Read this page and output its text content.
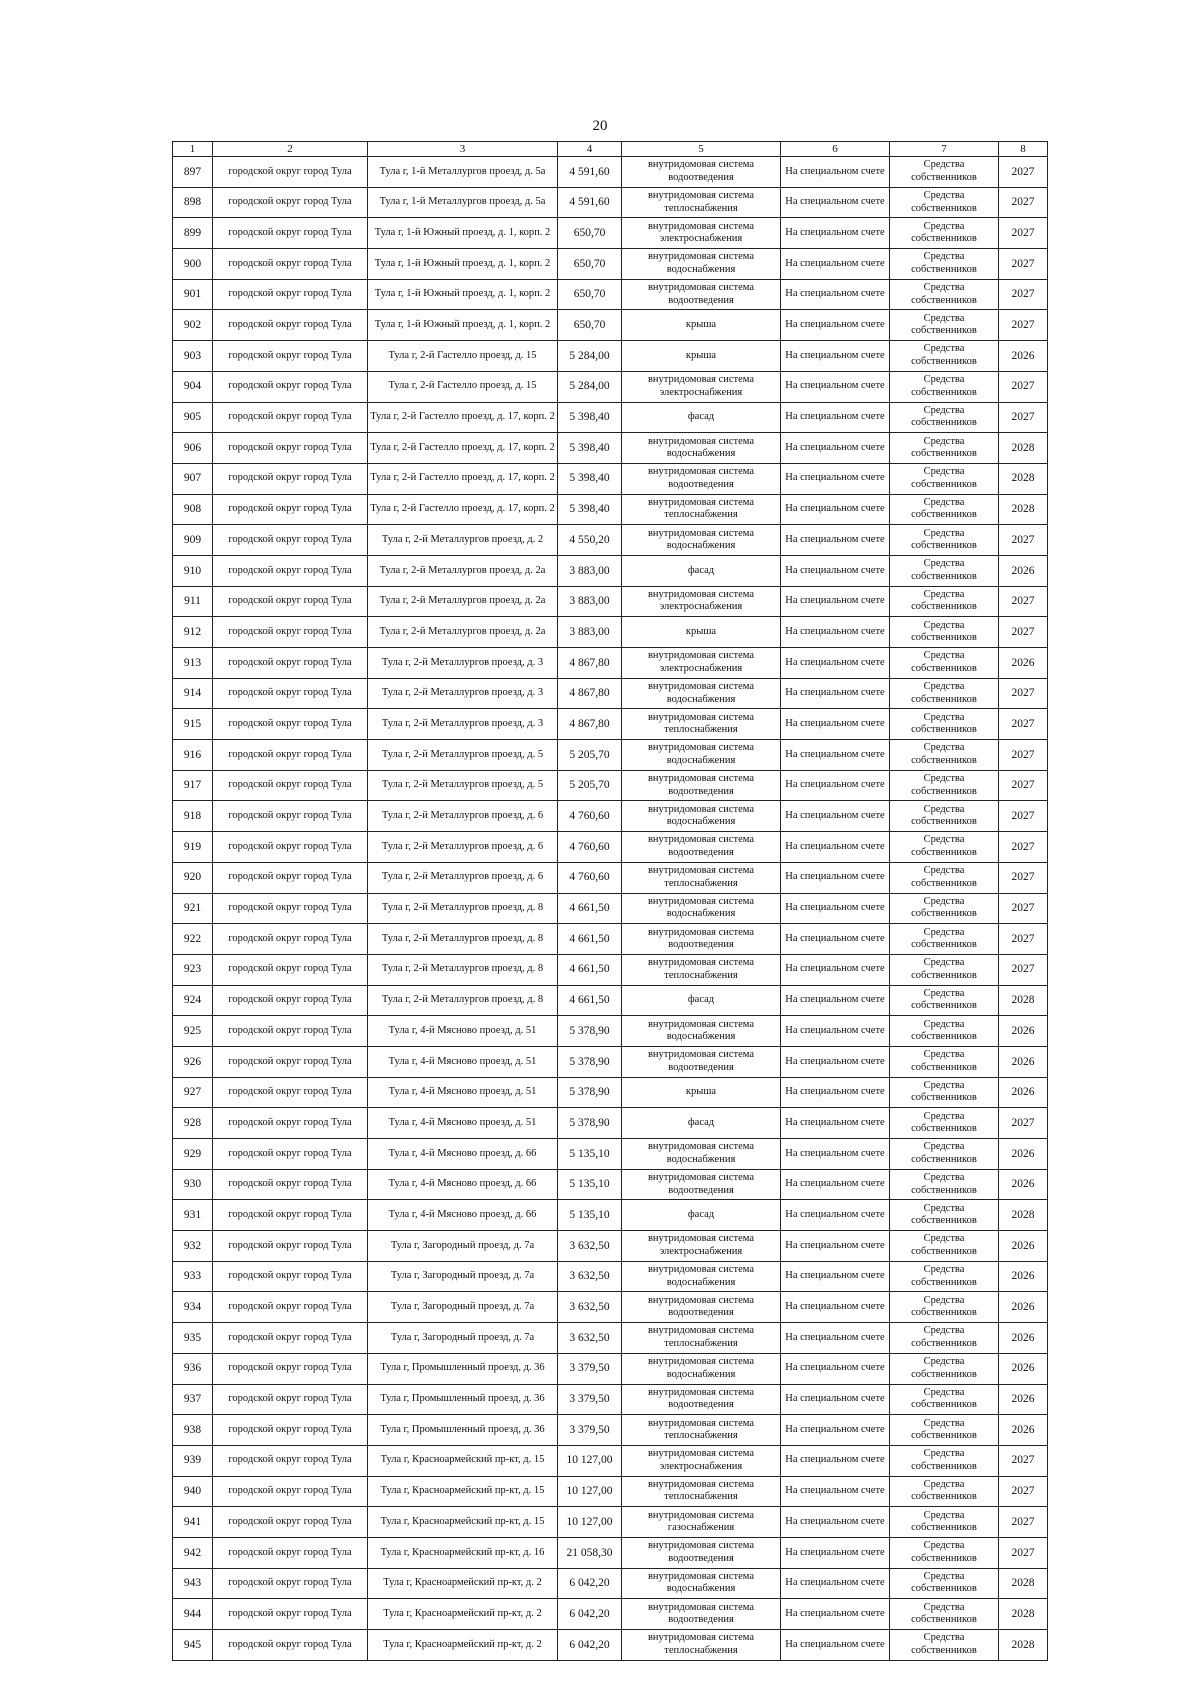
20
1	2	3	4	5	6	7	8
897	городской округ город Тула	Тула г, 1-й Металлургов проезд, д. 5а	4 591,60	внутридомовая система водоотведения	На специальном счете	Средства собственников	2027
898	городской округ город Тула	Тула г, 1-й Металлургов проезд, д. 5а	4 591,60	внутридомовая система теплоснабжения	На специальном счете	Средства собственников	2027
899	городской округ город Тула	Тула г, 1-й Южный проезд, д. 1, корп. 2	650,70	внутридомовая система электроснабжения	На специальном счете	Средства собственников	2027
900	городской округ город Тула	Тула г, 1-й Южный проезд, д. 1, корп. 2	650,70	внутридомовая система водоснабжения	На специальном счете	Средства собственников	2027
901	городской округ город Тула	Тула г, 1-й Южный проезд, д. 1, корп. 2	650,70	внутридомовая система водоотведения	На специальном счете	Средства собственников	2027
902	городской округ город Тула	Тула г, 1-й Южный проезд, д. 1, корп. 2	650,70	крыша	На специальном счете	Средства собственников	2027
903	городской округ город Тула	Тула г, 2-й Гастелло проезд, д. 15	5 284,00	крыша	На специальном счете	Средства собственников	2026
904	городской округ город Тула	Тула г, 2-й Гастелло проезд, д. 15	5 284,00	внутридомовая система электроснабжения	На специальном счете	Средства собственников	2027
905	городской округ город Тула	Тула г, 2-й Гастелло проезд, д. 17, корп. 2	5 398,40	фасад	На специальном счете	Средства собственников	2027
906	городской округ город Тула	Тула г, 2-й Гастелло проезд, д. 17, корп. 2	5 398,40	внутридомовая система водоснабжения	На специальном счете	Средства собственников	2028
907	городской округ город Тула	Тула г, 2-й Гастелло проезд, д. 17, корп. 2	5 398,40	внутридомовая система водоотведения	На специальном счете	Средства собственников	2028
908	городской округ город Тула	Тула г, 2-й Гастелло проезд, д. 17, корп. 2	5 398,40	внутридомовая система теплоснабжения	На специальном счете	Средства собственников	2028
909	городской округ город Тула	Тула г, 2-й Металлургов проезд, д. 2	4 550,20	внутридомовая система водоснабжения	На специальном счете	Средства собственников	2027
910	городской округ город Тула	Тула г, 2-й Металлургов проезд, д. 2а	3 883,00	фасад	На специальном счете	Средства собственников	2026
911	городской округ город Тула	Тула г, 2-й Металлургов проезд, д. 2а	3 883,00	внутридомовая система электроснабжения	На специальном счете	Средства собственников	2027
912	городской округ город Тула	Тула г, 2-й Металлургов проезд, д. 2а	3 883,00	крыша	На специальном счете	Средства собственников	2027
913	городской округ город Тула	Тула г, 2-й Металлургов проезд, д. 3	4 867,80	внутридомовая система электроснабжения	На специальном счете	Средства собственников	2026
914	городской округ город Тула	Тула г, 2-й Металлургов проезд, д. 3	4 867,80	внутридомовая система водоснабжения	На специальном счете	Средства собственников	2027
915	городской округ город Тула	Тула г, 2-й Металлургов проезд, д. 3	4 867,80	внутридомовая система теплоснабжения	На специальном счете	Средства собственников	2027
916	городской округ город Тула	Тула г, 2-й Металлургов проезд, д. 5	5 205,70	внутридомовая система водоснабжения	На специальном счете	Средства собственников	2027
917	городской округ город Тула	Тула г, 2-й Металлургов проезд, д. 5	5 205,70	внутридомовая система водоотведения	На специальном счете	Средства собственников	2027
918	городской округ город Тула	Тула г, 2-й Металлургов проезд, д. 6	4 760,60	внутридомовая система водоснабжения	На специальном счете	Средства собственников	2027
919	городской округ город Тула	Тула г, 2-й Металлургов проезд, д. 6	4 760,60	внутридомовая система водоотведения	На специальном счете	Средства собственников	2027
920	городской округ город Тула	Тула г, 2-й Металлургов проезд, д. 6	4 760,60	внутридомовая система теплоснабжения	На специальном счете	Средства собственников	2027
921	городской округ город Тула	Тула г, 2-й Металлургов проезд, д. 8	4 661,50	внутридомовая система водоснабжения	На специальном счете	Средства собственников	2027
922	городской округ город Тула	Тула г, 2-й Металлургов проезд, д. 8	4 661,50	внутридомовая система водоотведения	На специальном счете	Средства собственников	2027
923	городской округ город Тула	Тула г, 2-й Металлургов проезд, д. 8	4 661,50	внутридомовая система теплоснабжения	На специальном счете	Средства собственников	2027
924	городской округ город Тула	Тула г, 2-й Металлургов проезд, д. 8	4 661,50	фасад	На специальном счете	Средства собственников	2028
925	городской округ город Тула	Тула г, 4-й Мясново проезд, д. 51	5 378,90	внутридомовая система водоснабжения	На специальном счете	Средства собственников	2026
926	городской округ город Тула	Тула г, 4-й Мясново проезд, д. 51	5 378,90	внутридомовая система водоотведения	На специальном счете	Средства собственников	2026
927	городской округ город Тула	Тула г, 4-й Мясново проезд, д. 51	5 378,90	крыша	На специальном счете	Средства собственников	2026
928	городской округ город Тула	Тула г, 4-й Мясново проезд, д. 51	5 378,90	фасад	На специальном счете	Средства собственников	2027
929	городской округ город Тула	Тула г, 4-й Мясново проезд, д. 66	5 135,10	внутридомовая система водоснабжения	На специальном счете	Средства собственников	2026
930	городской округ город Тула	Тула г, 4-й Мясново проезд, д. 66	5 135,10	внутридомовая система водоотведения	На специальном счете	Средства собственников	2026
931	городской округ город Тула	Тула г, 4-й Мясново проезд, д. 66	5 135,10	фасад	На специальном счете	Средства собственников	2028
932	городской округ город Тула	Тула г, Загородный проезд, д. 7а	3 632,50	внутридомовая система электроснабжения	На специальном счете	Средства собственников	2026
933	городской округ город Тула	Тула г, Загородный проезд, д. 7а	3 632,50	внутридомовая система водоснабжения	На специальном счете	Средства собственников	2026
934	городской округ город Тула	Тула г, Загородный проезд, д. 7а	3 632,50	внутридомовая система водоотведения	На специальном счете	Средства собственников	2026
935	городской округ город Тула	Тула г, Загородный проезд, д. 7а	3 632,50	внутридомовая система теплоснабжения	На специальном счете	Средства собственников	2026
936	городской округ город Тула	Тула г, Промышленный проезд, д. 36	3 379,50	внутридомовая система водоснабжения	На специальном счете	Средства собственников	2026
937	городской округ город Тула	Тула г, Промышленный проезд, д. 36	3 379,50	внутридомовая система водоотведения	На специальном счете	Средства собственников	2026
938	городской округ город Тула	Тула г, Промышленный проезд, д. 36	3 379,50	внутридомовая система теплоснабжения	На специальном счете	Средства собственников	2026
939	городской округ город Тула	Тула г, Красноармейский пр-кт, д. 15	10 127,00	внутридомовая система электроснабжения	На специальном счете	Средства собственников	2027
940	городской округ город Тула	Тула г, Красноармейский пр-кт, д. 15	10 127,00	внутридомовая система теплоснабжения	На специальном счете	Средства собственников	2027
941	городской округ город Тула	Тула г, Красноармейский пр-кт, д. 15	10 127,00	внутридомовая система газоснабжения	На специальном счете	Средства собственников	2027
942	городской округ город Тула	Тула г, Красноармейский пр-кт, д. 16	21 058,30	внутридомовая система водоотведения	На специальном счете	Средства собственников	2027
943	городской округ город Тула	Тула г, Красноармейский пр-кт, д. 2	6 042,20	внутридомовая система водоснабжения	На специальном счете	Средства собственников	2028
944	городской округ город Тула	Тула г, Красноармейский пр-кт, д. 2	6 042,20	внутридомовая система водоотведения	На специальном счете	Средства собственников	2028
945	городской округ город Тула	Тула г, Красноармейский пр-кт, д. 2	6 042,20	внутридомовая система теплоснабжения	На специальном счете	Средства собственников	2028
